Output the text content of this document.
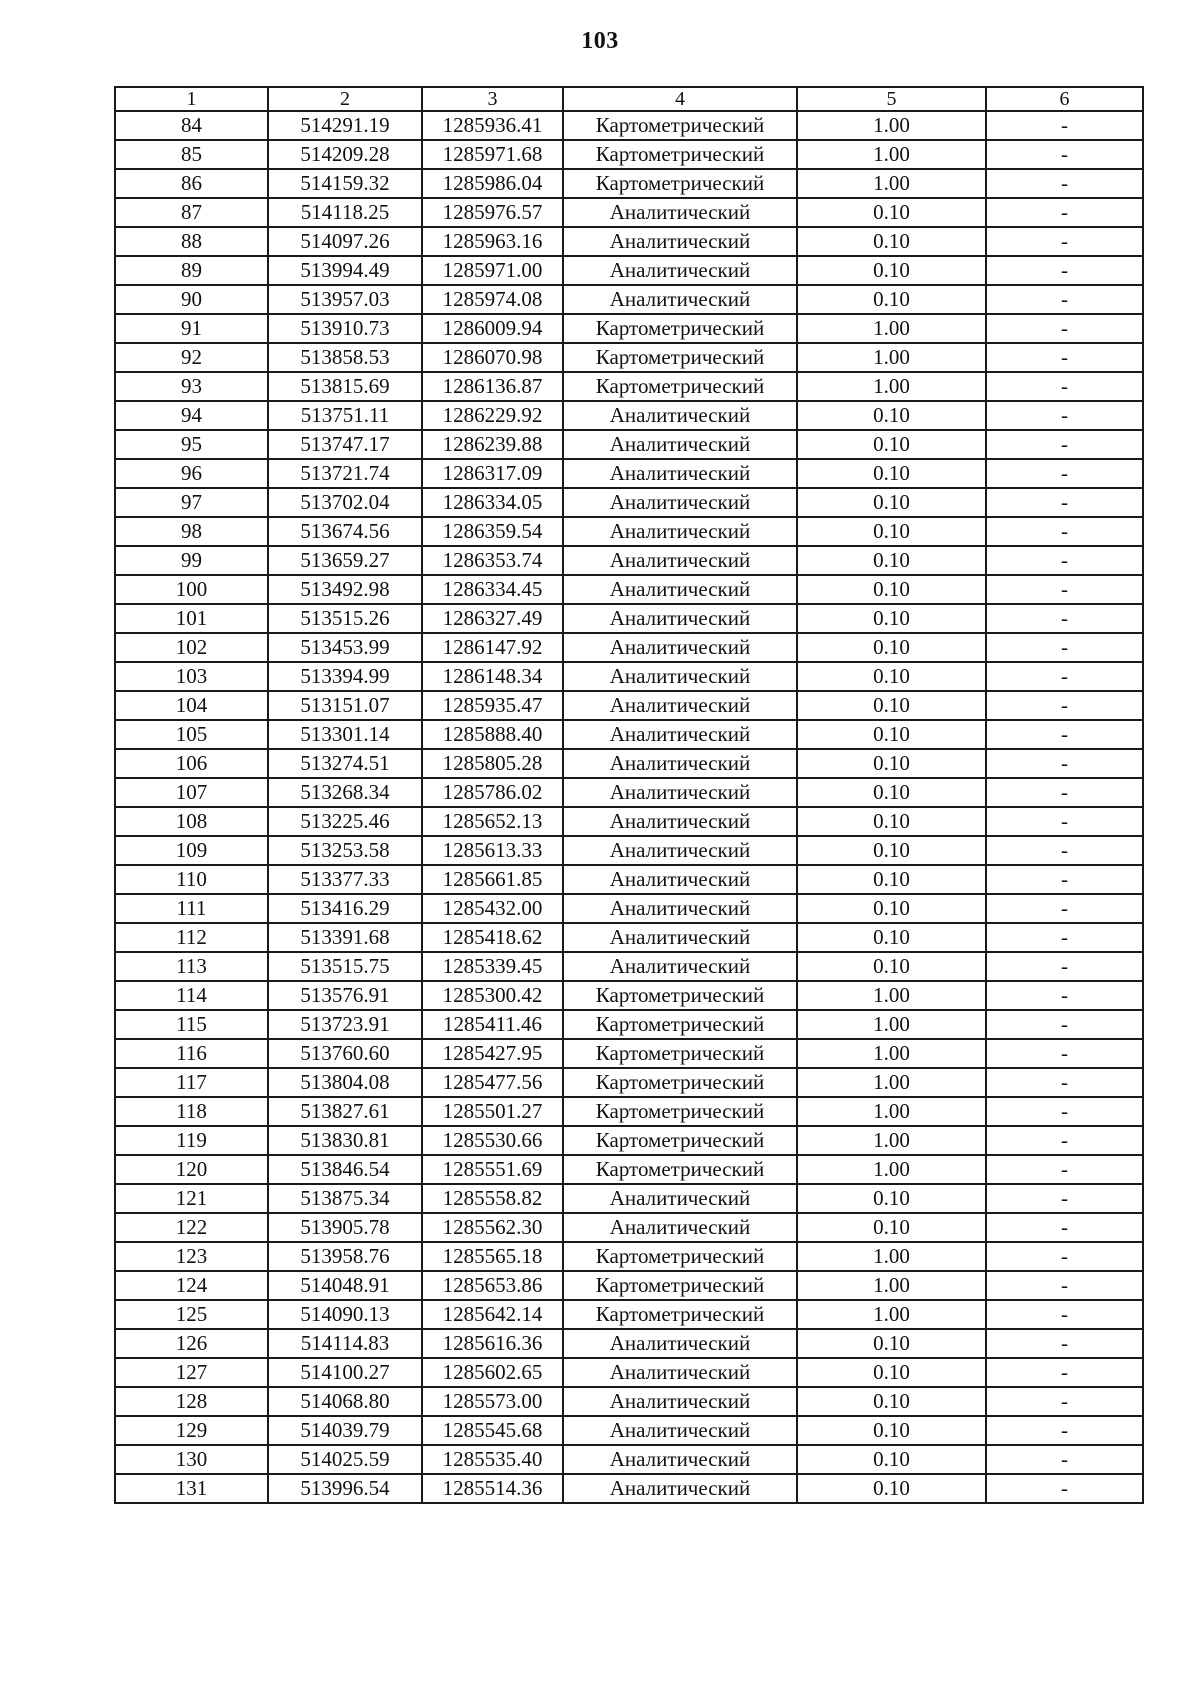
103
1	2	3	4	5	6
84	514291.19	1285936.41	Картометрический	1.00	-
85	514209.28	1285971.68	Картометрический	1.00	-
86	514159.32	1285986.04	Картометрический	1.00	-
87	514118.25	1285976.57	Аналитический	0.10	-
88	514097.26	1285963.16	Аналитический	0.10	-
89	513994.49	1285971.00	Аналитический	0.10	-
90	513957.03	1285974.08	Аналитический	0.10	-
91	513910.73	1286009.94	Картометрический	1.00	-
92	513858.53	1286070.98	Картометрический	1.00	-
93	513815.69	1286136.87	Картометрический	1.00	-
94	513751.11	1286229.92	Аналитический	0.10	-
95	513747.17	1286239.88	Аналитический	0.10	-
96	513721.74	1286317.09	Аналитический	0.10	-
97	513702.04	1286334.05	Аналитический	0.10	-
98	513674.56	1286359.54	Аналитический	0.10	-
99	513659.27	1286353.74	Аналитический	0.10	-
100	513492.98	1286334.45	Аналитический	0.10	-
101	513515.26	1286327.49	Аналитический	0.10	-
102	513453.99	1286147.92	Аналитический	0.10	-
103	513394.99	1286148.34	Аналитический	0.10	-
104	513151.07	1285935.47	Аналитический	0.10	-
105	513301.14	1285888.40	Аналитический	0.10	-
106	513274.51	1285805.28	Аналитический	0.10	-
107	513268.34	1285786.02	Аналитический	0.10	-
108	513225.46	1285652.13	Аналитический	0.10	-
109	513253.58	1285613.33	Аналитический	0.10	-
110	513377.33	1285661.85	Аналитический	0.10	-
111	513416.29	1285432.00	Аналитический	0.10	-
112	513391.68	1285418.62	Аналитический	0.10	-
113	513515.75	1285339.45	Аналитический	0.10	-
114	513576.91	1285300.42	Картометрический	1.00	-
115	513723.91	1285411.46	Картометрический	1.00	-
116	513760.60	1285427.95	Картометрический	1.00	-
117	513804.08	1285477.56	Картометрический	1.00	-
118	513827.61	1285501.27	Картометрический	1.00	-
119	513830.81	1285530.66	Картометрический	1.00	-
120	513846.54	1285551.69	Картометрический	1.00	-
121	513875.34	1285558.82	Аналитический	0.10	-
122	513905.78	1285562.30	Аналитический	0.10	-
123	513958.76	1285565.18	Картометрический	1.00	-
124	514048.91	1285653.86	Картометрический	1.00	-
125	514090.13	1285642.14	Картометрический	1.00	-
126	514114.83	1285616.36	Аналитический	0.10	-
127	514100.27	1285602.65	Аналитический	0.10	-
128	514068.80	1285573.00	Аналитический	0.10	-
129	514039.79	1285545.68	Аналитический	0.10	-
130	514025.59	1285535.40	Аналитический	0.10	-
131	513996.54	1285514.36	Аналитический	0.10	-
